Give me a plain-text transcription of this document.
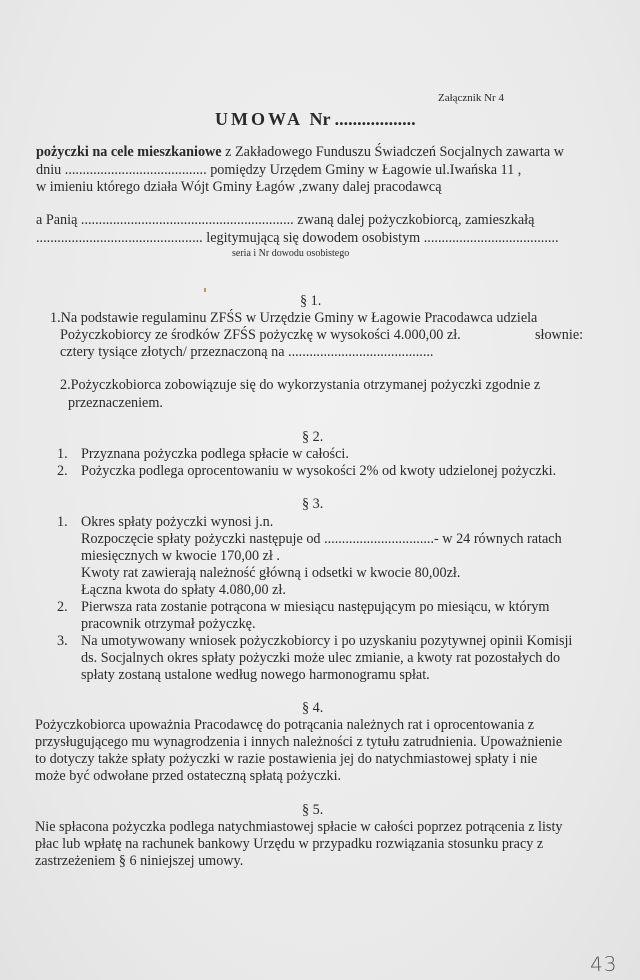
Załącznik Nr 4
UMOWA Nr ..................
pożyczki na cele mieszkaniowe z Zakładowego Funduszu Świadczeń Socjalnych zawarta w
dniu ........................................ pomiędzy Urzędem Gminy w Łagowie ul.Iwańska 11 ,
w imieniu którego działa Wójt Gminy Łagów ,zwany dalej pracodawcą
a Panią ............................................................ zwaną dalej pożyczkobiorcą, zamieszkałą
............................................... legitymującą się dowodem osobistym ......................................
seria i Nr dowodu osobistego
§ 1.
1.Na podstawie regulaminu ZFŚS w Urzędzie Gminy w Łagowie Pracodawca udziela
Pożyczkobiorcy ze środków ZFŚS pożyczkę w wysokości 4.000,00 zł.	słownie:
cztery tysiące złotych/ przeznaczoną na .........................................
2.Pożyczkobiorca zobowiązuje się do wykorzystania otrzymanej pożyczki zgodnie z
przeznaczeniem.
§ 2.
1. Przyznana pożyczka podlega spłacie w całości.
2. Pożyczka podlega oprocentowaniu w wysokości 2% od kwoty udzielonej pożyczki.
§ 3.
1. Okres spłaty pożyczki wynosi j.n.
Rozpoczęcie spłaty pożyczki następuje od ...............................- w 24 równych ratach
miesięcznych w kwocie 170,00 zł .
Kwoty rat zawierają należność główną i odsetki w kwocie 80,00zł.
Łączna kwota do spłaty 4.080,00 zł.
2. Pierwsza rata zostanie potrącona w miesiącu następującym po miesiącu, w którym
pracownik otrzymał pożyczkę.
3. Na umotywowany wniosek pożyczkobiorcy i po uzyskaniu pozytywnej opinii Komisji
ds. Socjalnych okres spłaty pożyczki może ulec zmianie, a kwoty rat pozostałych do
spłaty zostaną ustalone według nowego harmonogramu spłat.
§ 4.
Pożyczkobiorca upoważnia Pracodawcę do potrącania należnych rat i oprocentowania z
przysługującego mu wynagrodzenia i innych należności z tytułu zatrudnienia. Upoważnienie
to dotyczy także spłaty pożyczki w razie postawienia jej do natychmiastowej spłaty i nie
może być odwołane przed ostateczną spłatą pożyczki.
§ 5.
Nie spłacona pożyczka podlega natychmiastowej spłacie w całości poprzez potrącenia z listy
płac lub wpłatę na rachunek bankowy Urzędu w przypadku rozwiązania stosunku pracy z
zastrzeżeniem § 6 niniejszej umowy.
43
